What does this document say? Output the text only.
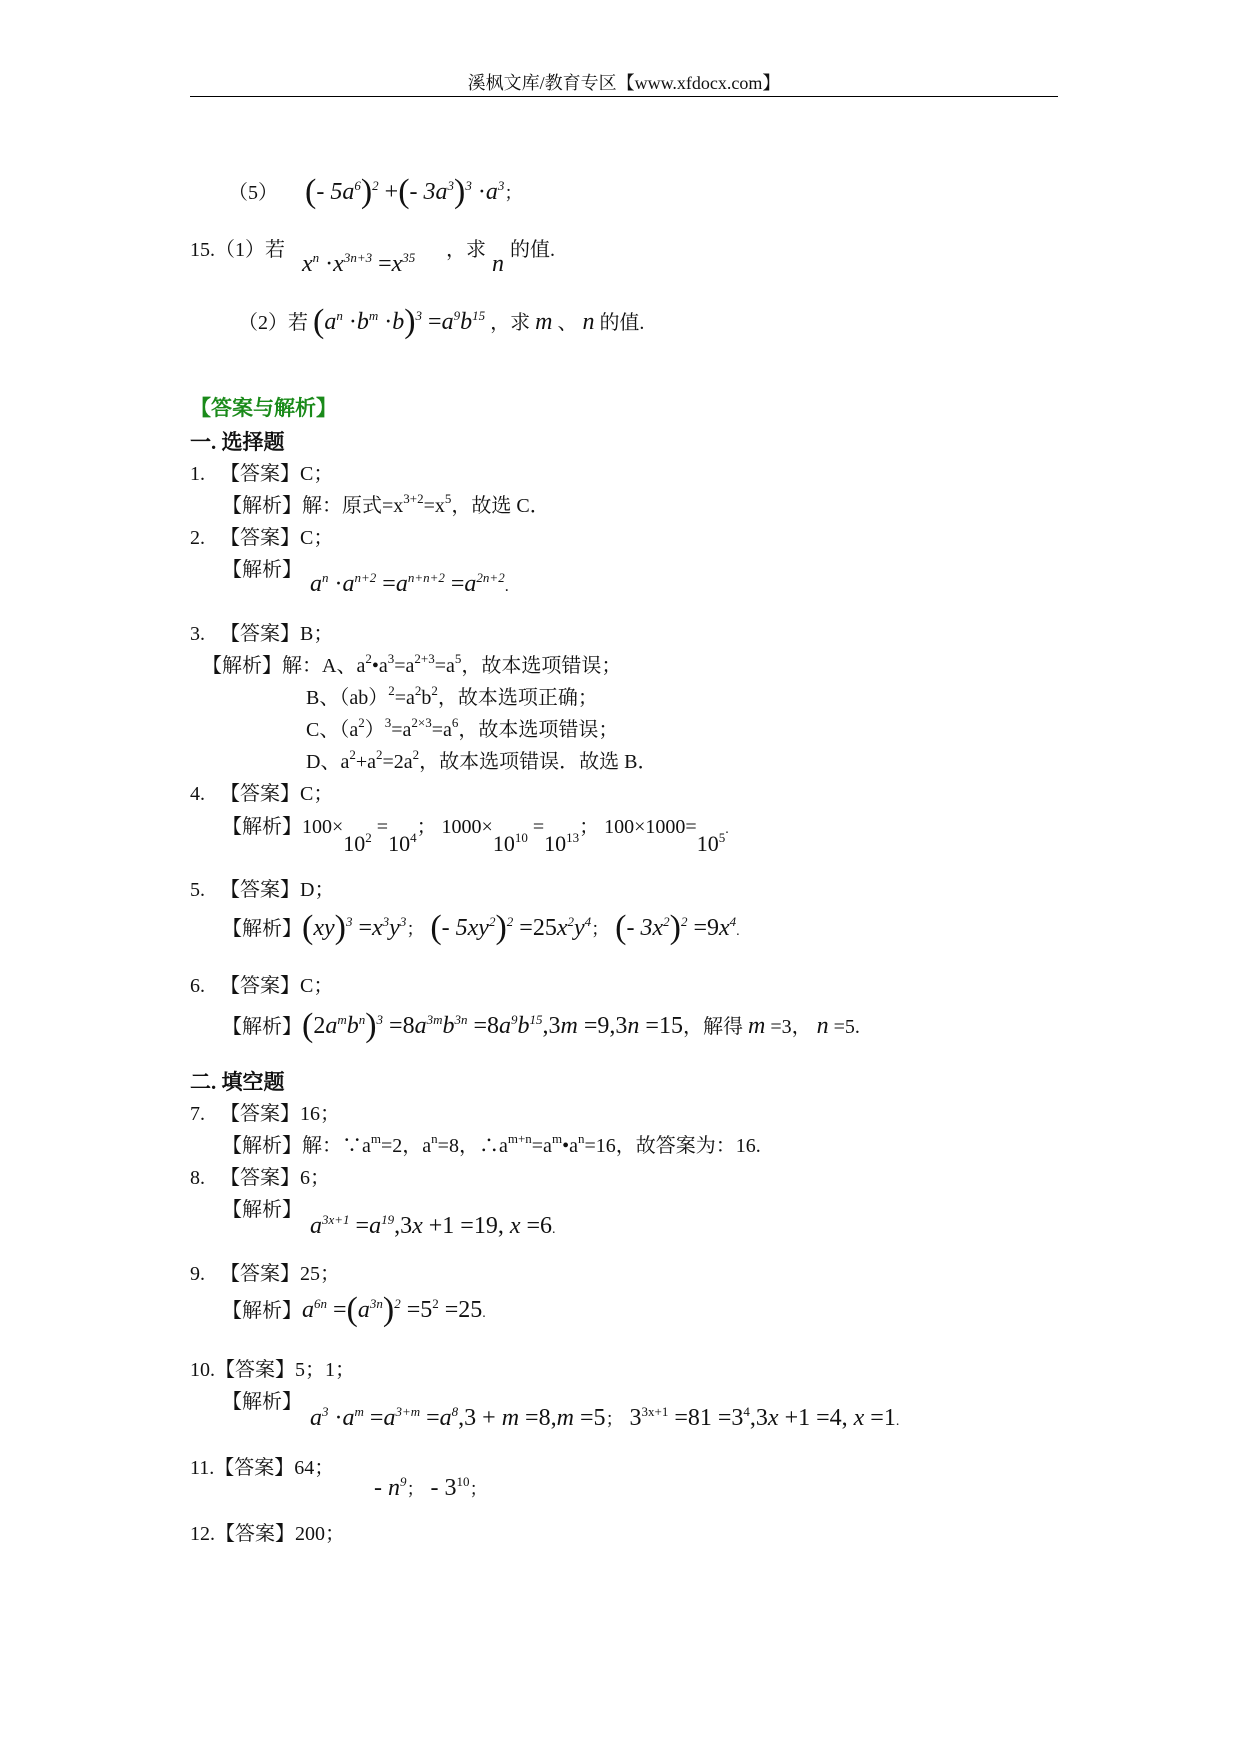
溪枫文库/教育专区【www.xfdocx.com】
（5） (- $5a^6)^2$ +(- $3a^3)^3 \cdot a^3$；
15.（1）若
$x^n \cdot x^{3n+3} =x^{35}$ ，求
n
的值.
（2）若 $(a^n \cdot b^m \cdot b)^3 =a^9b^{15}$ ，求 m 、 n 的值.
【答案与解析】
一. 选择题
1. 【答案】C；
【解析】解：原式$=x^{3+2}=x^5$，故选 C．
2. 【答案】C；
【解析】
$a^n \cdot a^{n+2} =a^{n+n+2} =a^{2n+2}$.
3. 【答案】B；
【解析】解：A、$a^2•a^3=a^{2+3}=a^5$，故本选项错误；
B、$(ab)^2=a^2b^2$，故本选项正确；
C、$(a^2)^3=a^{2\times 3}=a^6$，故本选项错误；
D、$a^2+a^2=2a^2$，故本选项错误．故选 B．
4. 【答案】C；
【解析】$100\times 10^2 =10^4$； $1000\times 10^{10} =10^{13}$； $100\times 1000=10^5$.
5. 【答案】D；
【解析】$(xy)^3 =x^3y^3$； (- $5xy^2)^2 =25x^2y^4$； (- $3x^2)^2 =9x^4$.
6. 【答案】C；
【解析】$(2a^mb^n)^3 =8a^{3m}b^{3n} =8a^9b^{15},3m =9,3n =15$，解得 m =3， n =5.
二. 填空题
7. 【答案】16；
【解析】解：$\because a^m=2$，$a^n=8$，$\therefore a^{m+n}=a^m•a^n=16$，故答案为：16.
8. 【答案】6；
【解析】
$a^{3x+1} =a^{19},3x +1 =19$, x =6.
9. 【答案】25；
【解析】$a^{6n} =(a^{3n})^2 =5^2 =25$.
10.【答案】5；1；
【解析】
$a^3 \cdot a^m =a^{3+m} =a^8,3 + m =8,m =5$； $3^{3x+1} =81 =3^4,3x +1 =4$, x =1.
11.【答案】64；
- $n^9$； - $3^{10}$；
12.【答案】200；
